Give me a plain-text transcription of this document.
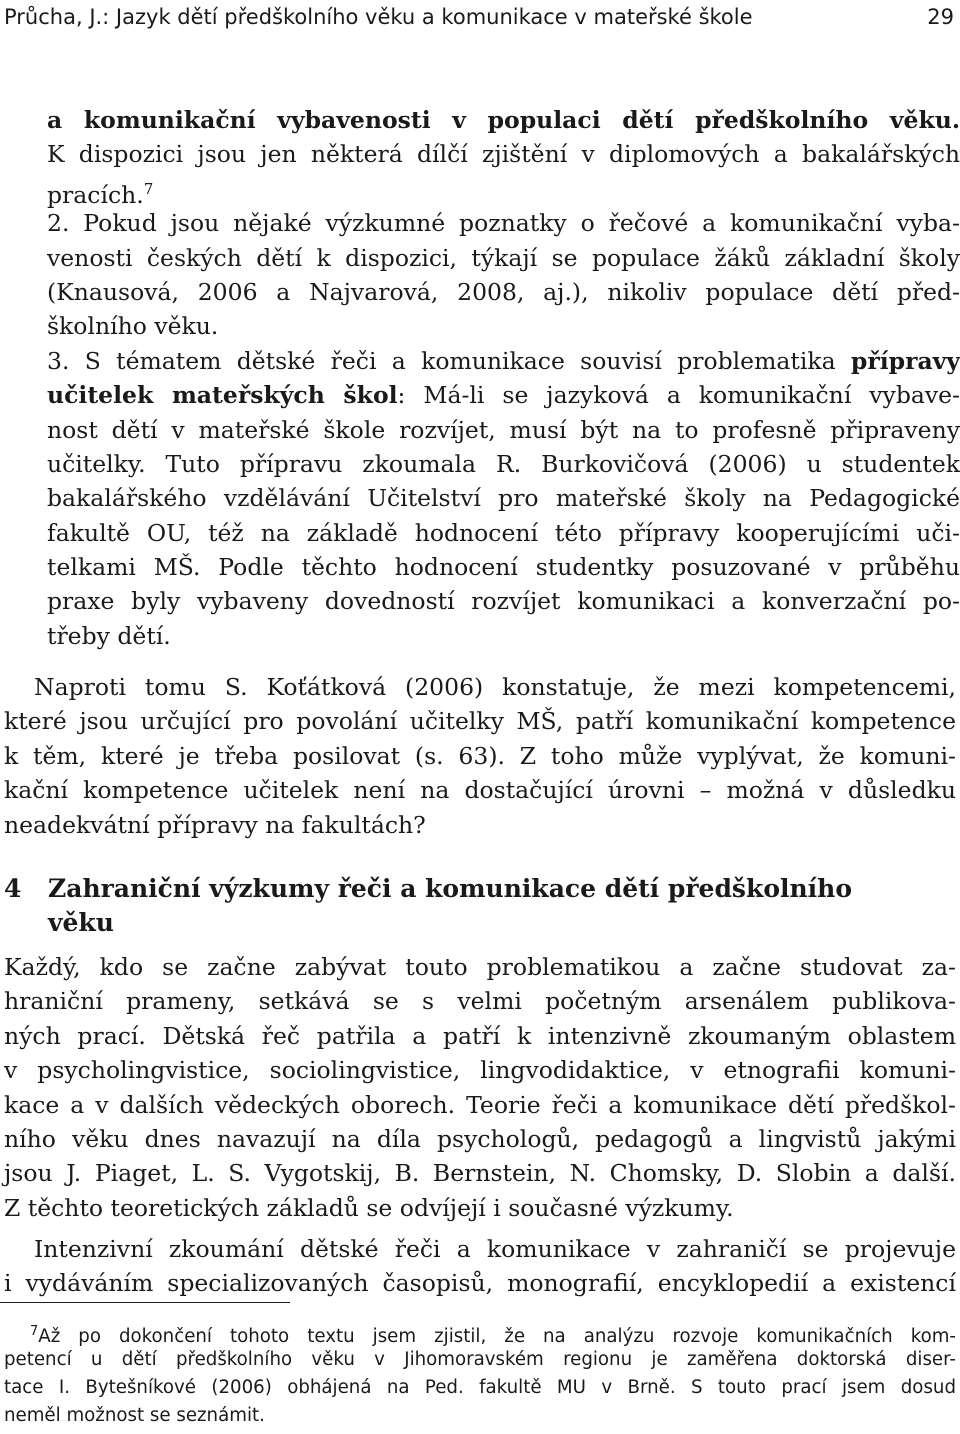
Průcha, J.: Jazyk dětí předškolního věku a komunikace v mateřské škole	29
a komunikační vybavenosti v populaci dětí předškolního věku.
K dispozici jsou jen některá dílčí zjištění v diplomových a bakalářských
pracích.$^7$
2. Pokud jsou nějaké výzkumné poznatky o řečové a komunikační vyba-
venosti českých dětí k dispozici, týkají se populace žáků základní školy
(Knausová, 2006 a Najvarová, 2008, aj.), nikoliv populace dětí před-
školního věku.
3. S tématem dětské řeči a komunikace souvisí problematika přípravy
učitelek mateřských škol: Má-li se jazyková a komunikační vybave-
nost dětí v mateřské škole rozvíjet, musí být na to profesně připraveny
učitelky. Tuto přípravu zkoumala R. Burkovičová (2006) u studentek
bakalářského vzdělávání Učitelství pro mateřské školy na Pedagogické
fakultě OU, též na základě hodnocení této přípravy kooperujícími uči-
telkami MŠ. Podle těchto hodnocení studentky posuzované v průběhu
praxe byly vybaveny dovedností rozvíjet komunikaci a konverzační po-
třeby dětí.
Naproti tomu S. Koťátková (2006) konstatuje, že mezi kompetencemi,
které jsou určující pro povolání učitelky MŠ, patří komunikační kompetence
k těm, které je třeba posilovat (s. 63). Z toho může vyplývat, že komuni-
kační kompetence učitelek není na dostačující úrovni – možná v důsledku
neadekvátní přípravy na fakultách?
4 Zahraniční výzkumy řeči a komunikace dětí předškolního
věku
Každý, kdo se začne zabývat touto problematikou a začne studovat za-
hraniční prameny, setkává se s velmi početným arsenálem publikova-
ných prací. Dětská řeč patřila a patří k intenzivně zkoumaným oblastem
v psycholingvistice, sociolingvistice, lingvodidaktice, v etnografii komuni-
kace a v dalších vědeckých oborech. Teorie řeči a komunikace dětí předškol-
ního věku dnes navazují na díla psychologů, pedagogů a lingvistů jakými
jsou J. Piaget, L. S. Vygotskij, B. Bernstein, N. Chomsky, D. Slobin a další.
Z těchto teoretických základů se odvíjejí i současné výzkumy.
Intenzivní zkoumání dětské řeči a komunikace v zahraničí se projevuje
i vydáváním specializovaných časopisů, monografií, encyklopedií a existencí
$^7$Až po dokončení tohoto textu jsem zjistil, že na analýzu rozvoje komunikačních kom-
petencí u dětí předškolního věku v Jihomoravském regionu je zaměřena doktorská diser-
tace I. Bytešníkové (2006) obhájená na Ped. fakultě MU v Brně. S touto prací jsem dosud
neměl možnost se seznámit.
